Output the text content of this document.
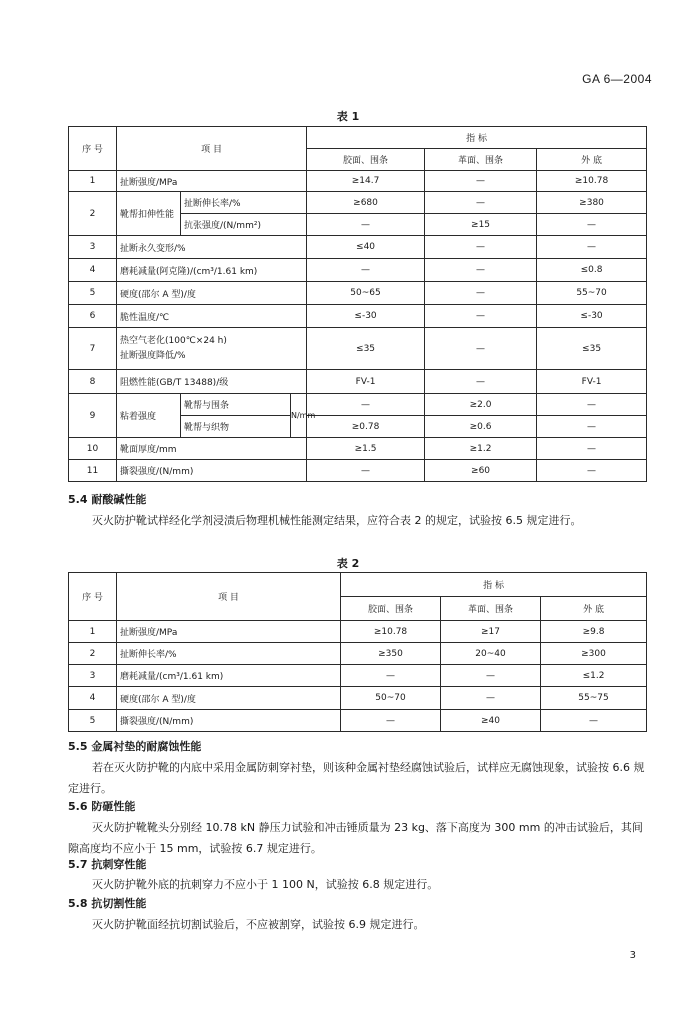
GA 6—2004
表 1
序 号	项 目			指 标		
				胶面、围条	革面、围条	外 底
1	扯断强度/MPa			≥14.7	—	≥10.78
2	靴帮扣伸性能	扯断伸长率/%		≥680	—	≥380
		抗张强度/(N/mm²)		—	≥15	—
3	扯断永久变形/%			≤40	—	—
4	磨耗减量(阿克隆)/(cm³/1.61 km)			—	—	≤0.8
5	硬度(邵尔 A 型)/度			50~65	—	55~70
6	脆性温度/℃			≤-30	—	≤-30
7	热空气老化(100℃×24 h)
扯断强度降低/%			≤35	—	≤35
8	阻燃性能(GB/T 13488)/级			FV-1	—	FV-1
9	粘着强度	靴帮与围条	N/mm	—	≥2.0	—
		靴帮与织物		≥0.78	≥0.6	—
10	靴面厚度/mm			≥1.5	≥1.2	—
11	撕裂强度/(N/mm)			—	≥60	—
5.4 耐酸碱性能
灭火防护靴试样经化学剂浸渍后物理机械性能测定结果，应符合表 2 的规定，试验按 6.5 规定进行。
表 2
序 号	项 目	指 标		
		胶面、围条	革面、围条	外 底
1	扯断强度/MPa	≥10.78	≥17	≥9.8
2	扯断伸长率/%	≥350	20~40	≥300
3	磨耗减量/(cm³/1.61 km)	—	—	≤1.2
4	硬度(邵尔 A 型)/度	50~70	—	55~75
5	撕裂强度/(N/mm)	—	≥40	—
5.5 金属衬垫的耐腐蚀性能
若在灭火防护靴的内底中采用金属防刺穿衬垫，则该种金属衬垫经腐蚀试验后，试样应无腐蚀现象，试验按 6.6 规定进行。
5.6 防砸性能
灭火防护靴靴头分别经 10.78 kN 静压力试验和冲击锤质量为 23 kg、落下高度为 300 mm 的冲击试验后，其间隙高度均不应小于 15 mm，试验按 6.7 规定进行。
5.7 抗刺穿性能
灭火防护靴外底的抗刺穿力不应小于 1 100 N，试验按 6.8 规定进行。
5.8 抗切割性能
灭火防护靴面经抗切割试验后，不应被割穿，试验按 6.9 规定进行。
3
